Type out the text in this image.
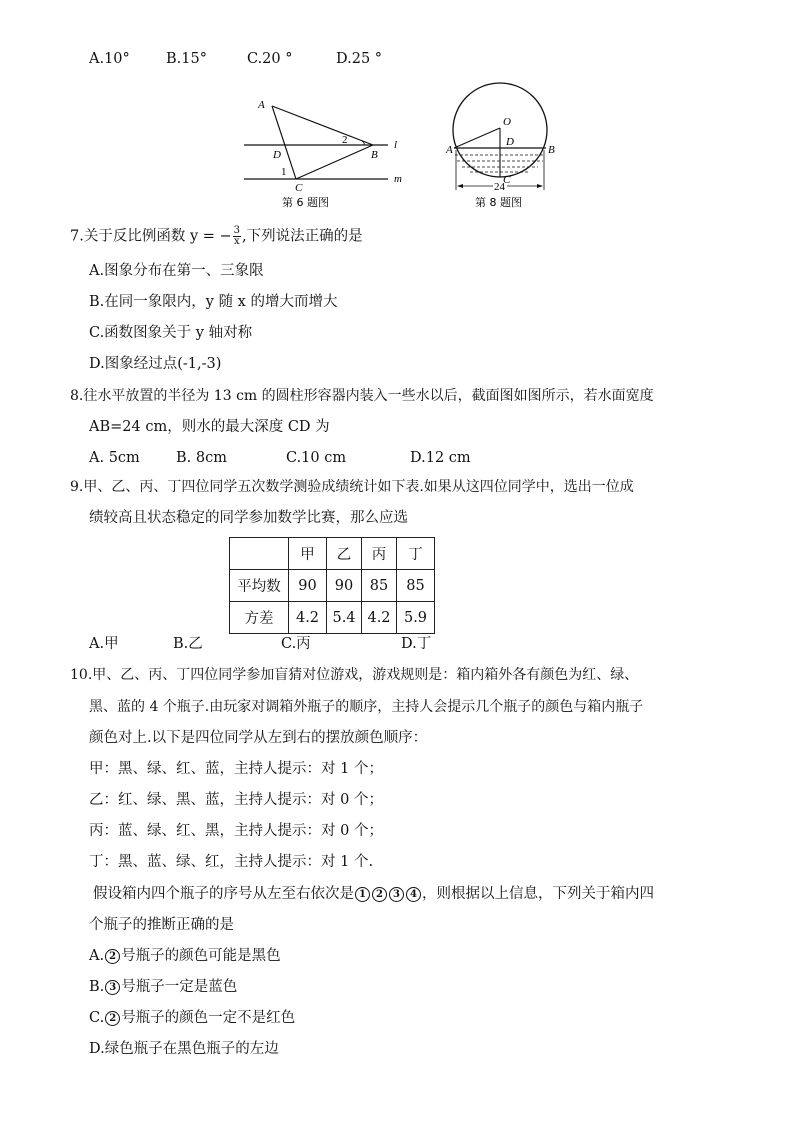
A.10° B.15°	C.20 °	D.25 °
A
D
2
B
l
1
m
C
第 6 题图
O
D
A	B
C
24
第 8 题图
7.关于反比例函数 y = − $\frac{3}{x}$ ,下列说法正确的是
A.图象分布在第一、三象限
B.在同一象限内，y 随 x 的增大而增大
C.函数图象关于 y 轴对称
D.图象经过点(-1,-3)
8.往水平放置的半径为 13 cm 的圆柱形容器内装入一些水以后，截面图如图所示，若水面宽度
AB=24 cm，则水的最大深度 CD 为
A. 5cm B. 8cm	C.10 cm	D.12 cm
9.甲、乙、丙、丁四位同学五次数学测验成绩统计如下表.如果从这四位同学中，选出一位成
绩较高且状态稳定的同学参加数学比赛，那么应选
	甲	乙	丙	丁
平均数	90	90	85	85
方差	4.2	5.4	4.2	5.9
A.甲	B.乙	C.丙	D.丁
10.甲、乙、丙、丁四位同学参加盲猜对位游戏，游戏规则是：箱内箱外各有颜色为红、绿、
黑、蓝的 4 个瓶子.由玩家对调箱外瓶子的顺序，主持人会提示几个瓶子的颜色与箱内瓶子
颜色对上.以下是四位同学从左到右的摆放颜色顺序：
甲：黑、绿、红、蓝，主持人提示：对 1 个；
乙：红、绿、黑、蓝，主持人提示：对 0 个；
丙：蓝、绿、红、黑，主持人提示：对 0 个；
丁：黑、蓝、绿、红，主持人提示：对 1 个.
假设箱内四个瓶子的序号从左至右依次是 1 2 3 4 ，则根据以上信息，下列关于箱内四
个瓶子的推断正确的是
A. 2 号瓶子的颜色可能是黑色
B. 3 号瓶子一定是蓝色
C. 2 号瓶子的颜色一定不是红色
D.绿色瓶子在黑色瓶子的左边
